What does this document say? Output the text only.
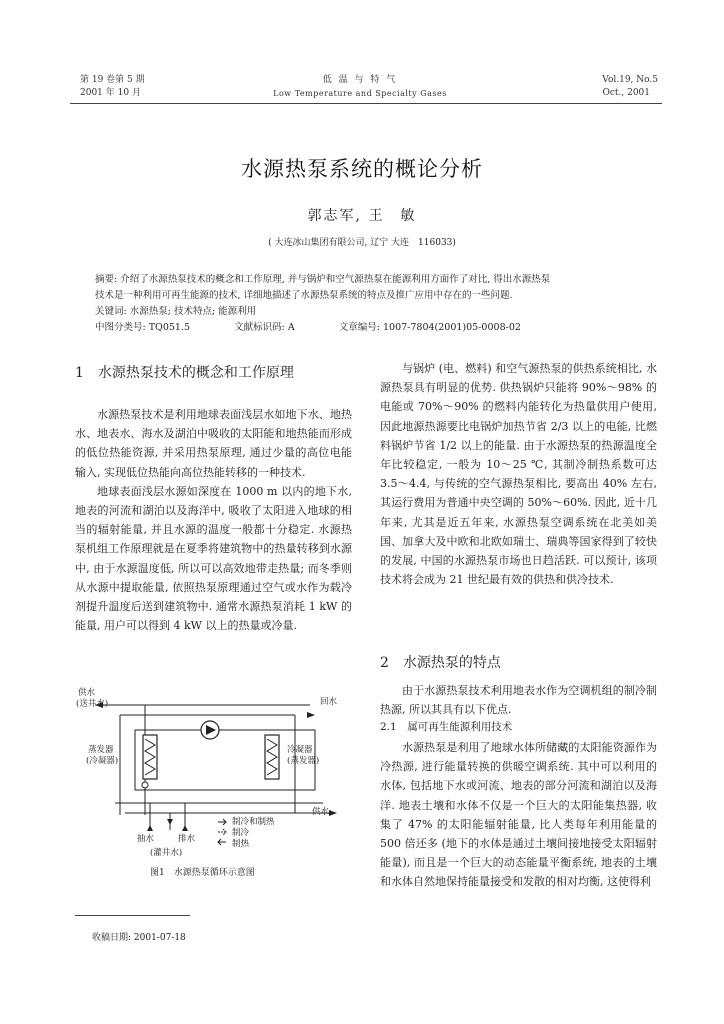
第 19 卷第 5 期
2001 年 10 月
低 温 与 特 气
Low Temperature and Specialty Gases
Vol.19, No.5
Oct., 2001
水源热泵系统的概论分析
郭志军, 王　敏
( 大连冰山集团有限公司, 辽宁 大连　116033)

摘要: 介绍了水源热泵技术的概念和工作原理, 并与锅炉和空气源热泵在能源利用方面作了对比, 得出水源热泵

技术是一种利用可再生能源的技术, 详细地描述了水源热泵系统的特点及推广应用中存在的一些问题.

关键词: 水源热泵; 技术特点; 能源利用

中图分类号: TQ051.5	文献标识码: A	文章编号: 1007-7804(2001)05-0008-02

1　水源热泵技术的概念和工作原理

水源热泵技术是利用地球表面浅层水如地下水、地热水、地表水、海水及湖泊中吸收的太阳能和地热能而形成的低位热能资源, 并采用热泵原理, 通过少量的高位电能输入, 实现低位热能向高位热能转移的一种技术.

地球表面浅层水源如深度在 1000 m 以内的地下水, 地表的河流和湖泊以及海洋中, 吸收了太阳进入地球的相当的辐射能量, 并且水源的温度一般都十分稳定. 水源热泵机组工作原理就是在夏季将建筑物中的热量转移到水源中, 由于水源温度低, 所以可以高效地带走热量; 而冬季则从水源中提取能量, 依照热泵原理通过空气或水作为载冷剂提升温度后送到建筑物中. 通常水源热泵消耗 1 kW 的能量, 用户可以得到 4 kW 以上的热量或冷量.

供水
(送井水)	回水
蒸发器
(冷凝器)
冷凝器
(蒸发器)
供水
抽水	排水
(灌井水)
制冷和制热
制冷
制热
图1　水源热泵循环示意图
收稿日期: 2001-07-18

与锅炉 (电、燃料) 和空气源热泵的供热系统相比, 水源热泵具有明显的优势. 供热锅炉只能将 90%～98% 的电能或 70%～90% 的燃料内能转化为热量供用户使用, 因此地源热源要比电锅炉加热节省 2/3 以上的电能, 比燃料锅炉节省 1/2 以上的能量. 由于水源热泵的热源温度全年比较稳定, 一般为 10～25 ℃, 其制冷制热系数可达 3.5～4.4, 与传统的空气源热泵相比, 要高出 40% 左右, 其运行费用为普通中央空调的 50%～60%. 因此, 近十几年来, 尤其是近五年来, 水源热泵空调系统在北美如美国、加拿大及中欧和北欧如瑞士、瑞典等国家得到了较快的发展, 中国的水源热泵市场也日趋活跃. 可以预计, 该项技术将会成为 21 世纪最有效的供热和供冷技术.

2　水源热泵的特点

由于水源热泵技术利用地表水作为空调机组的制冷制热源, 所以其具有以下优点.

2.1　属可再生能源利用技术

水源热泵是利用了地球水体所储藏的太阳能资源作为冷热源, 进行能量转换的供暖空调系统. 其中可以利用的水体, 包括地下水或河流、地表的部分河流和湖泊以及海洋. 地表土壤和水体不仅是一个巨大的太阳能集热器, 收集了 47% 的太阳能辐射能量, 比人类每年利用能量的 500 倍还多 (地下的水体是通过土壤间接地接受太阳辐射能量), 而且是一个巨大的动态能量平衡系统, 地表的土壤和水体自然地保持能量接受和发散的相对均衡, 这使得利
